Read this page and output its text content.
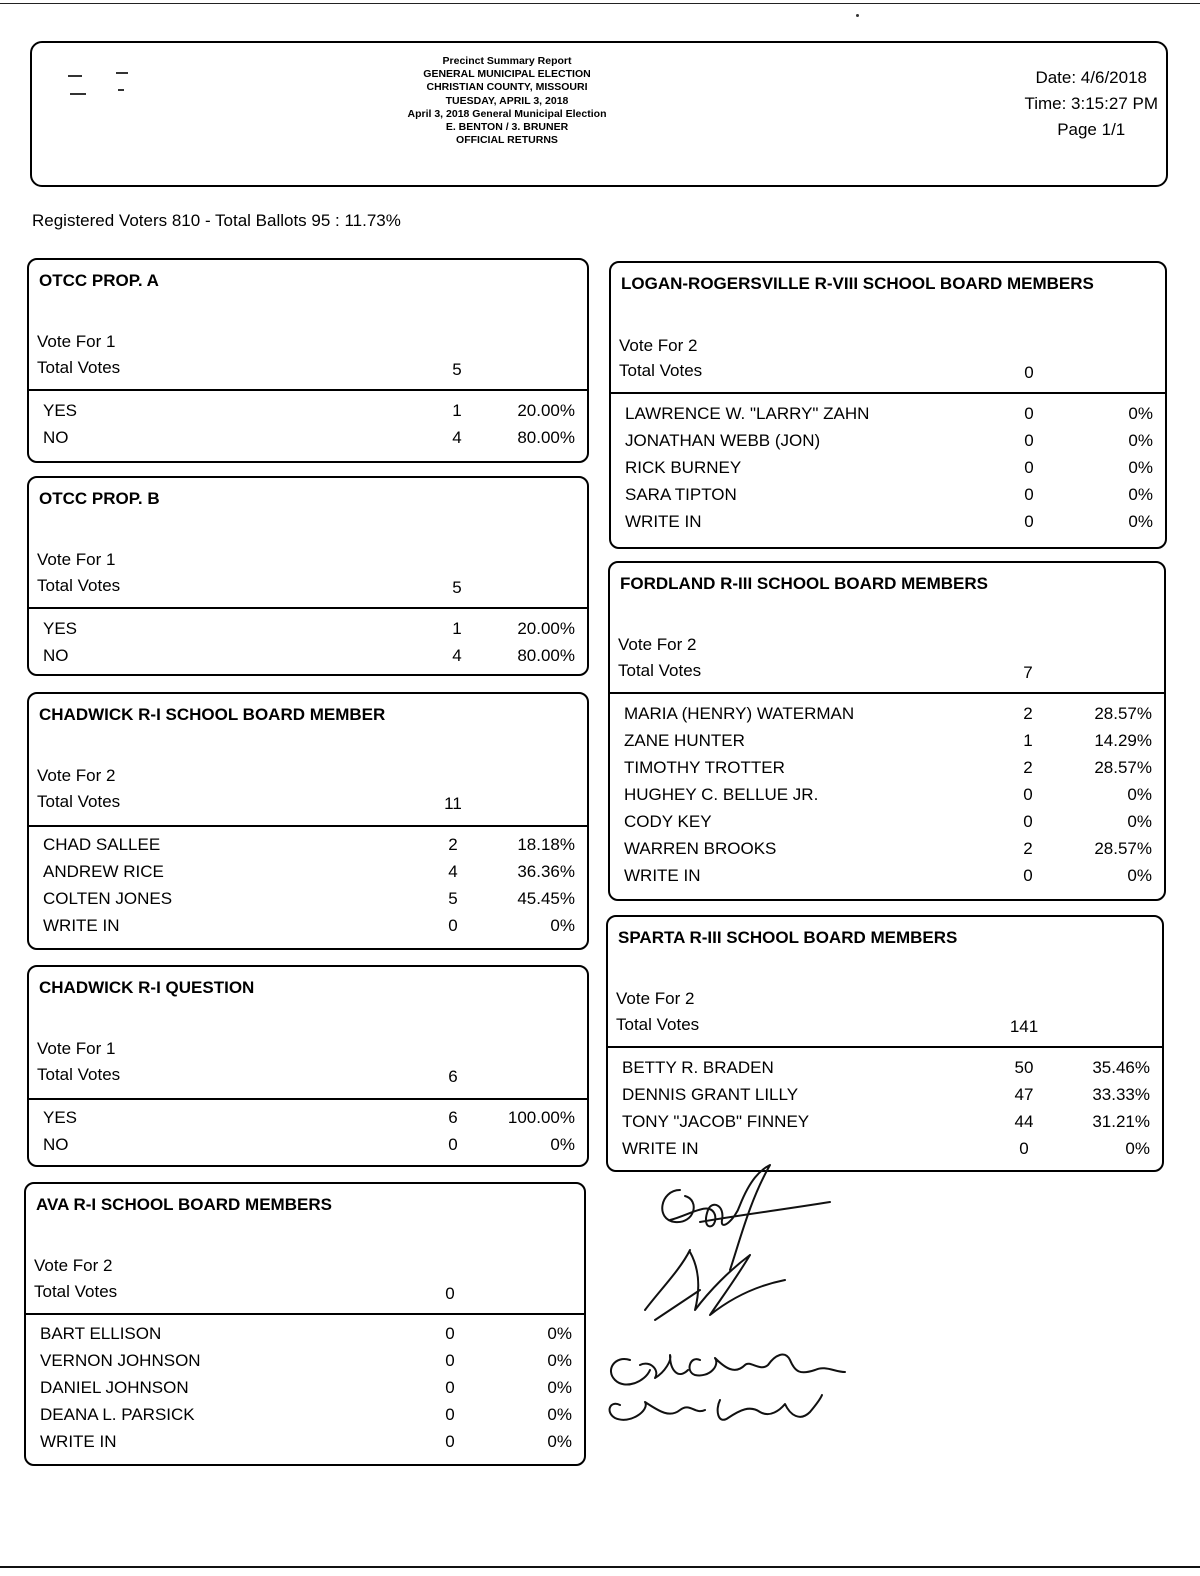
Precinct Summary Report
GENERAL MUNICIPAL ELECTION
CHRISTIAN COUNTY, MISSOURI
TUESDAY, APRIL 3, 2018
April 3, 2018 General Municipal Election
E. BENTON / 3. BRUNER
OFFICIAL RETURNS
Date: 4/6/2018
Time: 3:15:27 PM
Page 1/1
Registered Voters 810 - Total Ballots 95 : 11.73%
OTCC PROP. A
Vote For 1
Total Votes	5
YES	1	20.00%
NO	4	80.00%
OTCC PROP. B
Vote For 1
Total Votes	5
YES	1	20.00%
NO	4	80.00%
CHADWICK R-I SCHOOL BOARD MEMBER
Vote For 2
Total Votes	11
CHAD SALLEE	2	18.18%
ANDREW RICE	4	36.36%
COLTEN JONES	5	45.45%
WRITE IN	0	0%
CHADWICK R-I QUESTION
Vote For 1
Total Votes	6
YES	6	100.00%
NO	0	0%
AVA R-I SCHOOL BOARD MEMBERS
Vote For 2
Total Votes	0
BART ELLISON	0	0%
VERNON JOHNSON	0	0%
DANIEL JOHNSON	0	0%
DEANA L. PARSICK	0	0%
WRITE IN	0	0%
LOGAN-ROGERSVILLE R-VIII SCHOOL BOARD MEMBERS
Vote For 2
Total Votes	0
LAWRENCE W. "LARRY" ZAHN	0	0%
JONATHAN WEBB (JON)	0	0%
RICK BURNEY	0	0%
SARA TIPTON	0	0%
WRITE IN	0	0%
FORDLAND R-III SCHOOL BOARD MEMBERS
Vote For 2
Total Votes	7
MARIA (HENRY) WATERMAN	2	28.57%
ZANE HUNTER	1	14.29%
TIMOTHY TROTTER	2	28.57%
HUGHEY C. BELLUE JR.	0	0%
CODY KEY	0	0%
WARREN BROOKS	2	28.57%
WRITE IN	0	0%
SPARTA R-III SCHOOL BOARD MEMBERS
Vote For 2
Total Votes	141
BETTY R. BRADEN	50	35.46%
DENNIS GRANT LILLY	47	33.33%
TONY "JACOB" FINNEY	44	31.21%
WRITE IN	0	0%
